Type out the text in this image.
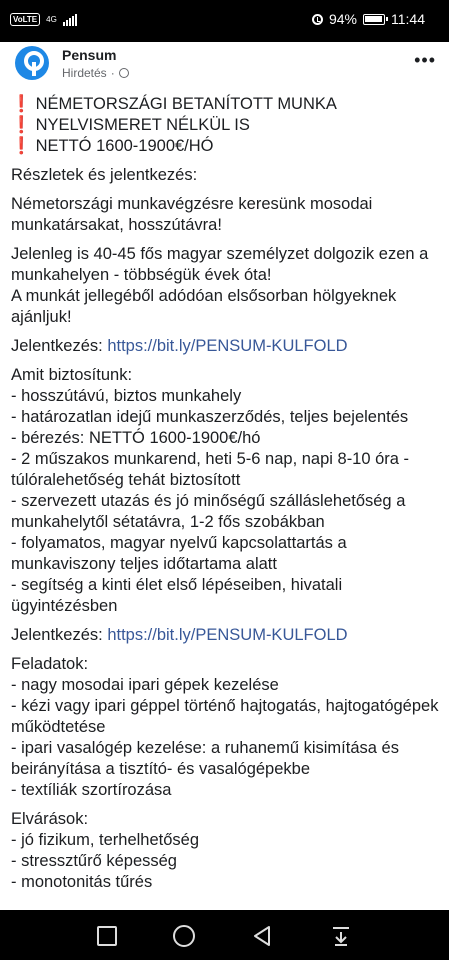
VoLTE	4G	94% 11:44
Pensum
Hirdetés ·
•••

❗ NÉMETORSZÁGI BETANÍTOTT MUNKA
❗ NYELVISMERET NÉLKÜL IS
❗ NETTÓ 1600-1900€/HÓ

Részletek és jelentkezés:

Németországi munkavégzésre keresünk mosodai munkatársakat, hosszútávra!

Jelenleg is 40-45 fős magyar személyzet dolgozik ezen a munkahelyen - többségük évek óta!
A munkát jellegéből adódóan elsősorban hölgyeknek ajánljuk!

Jelentkezés: https://bit.ly/PENSUM-KULFOLD

Amit biztosítunk:
- hosszútávú, biztos munkahely
- határozatlan idejű munkaszerződés, teljes bejelentés
- bérezés: NETTÓ 1600-1900€/hó
- 2 műszakos munkarend, heti 5-6 nap, napi 8-10 óra - túlóralehetőség tehát biztosított
- szervezett utazás és jó minőségű szálláslehetőség a munkahelytől sétatávra, 1-2 fős szobákban
- folyamatos, magyar nyelvű kapcsolattartás a munkaviszony teljes időtartama alatt
- segítség a kinti élet első lépéseiben, hivatali ügyintézésben

Jelentkezés: https://bit.ly/PENSUM-KULFOLD

Feladatok:
- nagy mosodai ipari gépek kezelése
- kézi vagy ipari géppel történő hajtogatás, hajtogatógépek működtetése
- ipari vasalógép kezelése: a ruhanemű kisimítása és beirányítása a tisztító- és vasalógépekbe
- textíliák szortírozása

Elvárások:
- jó fizikum, terhelhetőség
- stressztűrő képesség
- monotonitás tűrés
